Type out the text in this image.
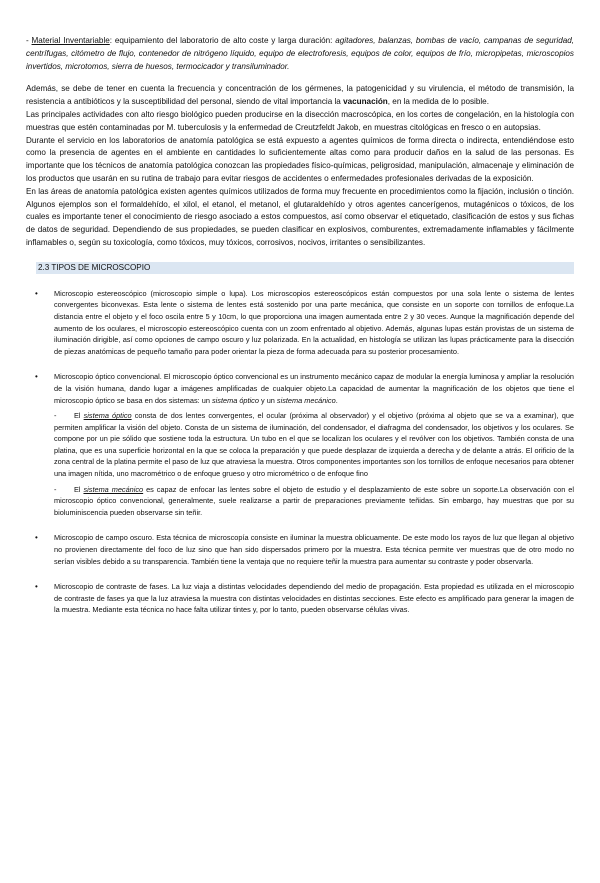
- Material Inventariable: equipamiento del laboratorio de alto coste y larga duración: agitadores, balanzas, bombas de vacío, campanas de seguridad, centrífugas, citómetro de flujo, contenedor de nitrógeno líquido, equipo de electroforesis, equipos de color, equipos de frío, micropipetas, microscopios invertidos, microtomos, sierra de huesos, termocicador y transiluminador.

Además, se debe de tener en cuenta la frecuencia y concentración de los gérmenes, la patogenicidad y su virulencia, el método de transmisión, la resistencia a antibióticos y la susceptibilidad del personal, siendo de vital importancia la vacunación, en la medida de lo posible.

Las principales actividades con alto riesgo biológico pueden producirse en la disección macroscópica, en los cortes de congelación, en la histología con muestras que estén contaminadas por M. tuberculosis y la enfermedad de Creutzfeldt Jakob, en muestras citológicas en fresco o en autopsias.

Durante el servicio en los laboratorios de anatomía patológica se está expuesto a agentes químicos de forma directa o indirecta, entendiéndose esto como la presencia de agentes en el ambiente en cantidades lo suficientemente altas como para producir daños en la salud de las personas. Es importante que los técnicos de anatomía patológica conozcan las propiedades físico-químicas, peligrosidad, manipulación, almacenaje y eliminación de los productos que usarán en su rutina de trabajo para evitar riesgos de accidentes o enfermedades profesionales derivadas de la exposición.

En las áreas de anatomía patológica existen agentes químicos utilizados de forma muy frecuente en procedimientos como la fijación, inclusión o tinción. Algunos ejemplos son el formaldehído, el xilol, el etanol, el metanol, el glutaraldehído y otros agentes cancerígenos, mutagénicos o tóxicos, de los cuales es importante tener el conocimiento de riesgo asociado a estos compuestos, así como observar el etiquetado, clasificación de estos y sus fichas de datos de seguridad. Dependiendo de sus propiedades, se pueden clasificar en explosivos, comburentes, extremadamente inflamables y fácilmente inflamables o, según su toxicología, como tóxicos, muy tóxicos, corrosivos, nocivos, irritantes o sensibilizantes.

2.3 TIPOS DE MICROSCOPIO
• Microscopio estereoscópico (microscopio simple o lupa). Los microscopios estereoscópicos están compuestos por una sola lente o sistema de lentes convergentes biconvexas. Esta lente o sistema de lentes está sostenido por una parte mecánica, que consiste en un soporte con tornillos de enfoque.La distancia entre el objeto y el foco oscila entre 5 y 10cm, lo que proporciona una imagen aumentada entre 2 y 30 veces. Aunque la magnificación depende del aumento de los oculares, el microscopio estereoscópico cuenta con un zoom enfrentado al objetivo. Además, algunas lupas están provistas de un sistema de iluminación dirigible, así como opciones de campo oscuro y luz polarizada. En la actualidad, en histología se utilizan las lupas prácticamente para la disección de piezas anatómicas de pequeño tamaño para poder orientar la pieza de forma adecuada para su posterior procesamiento.

• Microscopio óptico convencional. El microscopio óptico convencional es un instrumento mecánico capaz de modular la energía luminosa y ampliar la resolución de la visión humana, dando lugar a imágenes amplificadas de cualquier objeto.La capacidad de aumentar la magnificación de los objetos que tiene el microscopio óptico se basa en dos sistemas: un sistema óptico y un sistema mecánico.

- El sistema óptico consta de dos lentes convergentes, el ocular (próxima al observador) y el objetivo (próxima al objeto que se va a examinar), que permiten amplificar la visión del objeto. Consta de un sistema de iluminación, del condensador, el diafragma del condensador, los objetivos y los oculares. Se compone por un pie sólido que sostiene toda la estructura. Un tubo en el que se localizan los oculares y el revólver con los objetivos. También consta de una platina, que es una superficie horizontal en la que se coloca la preparación y que puede desplazar de izquierda a derecha y de delante a atrás. El orificio de la zona central de la platina permite el paso de luz que atraviesa la muestra. Otros componentes importantes son los tornillos de enfoque necesarios para obtener una imagen nítida, uno macrométrico o de enfoque grueso y otro micrométrico o de enfoque fino

- El sistema mecánico es capaz de enfocar las lentes sobre el objeto de estudio y el desplazamiento de este sobre un soporte.La observación con el microscopio óptico convencional, generalmente, suele realizarse a partir de preparaciones previamente teñidas. Sin embargo, hay muestras que por su bioluminiscencia pueden observarse sin teñir.

• Microscopio de campo oscuro. Esta técnica de microscopía consiste en iluminar la muestra oblicuamente. De este modo los rayos de luz que llegan al objetivo no provienen directamente del foco de luz sino que han sido dispersados primero por la muestra. Esta técnica permite ver muestras que de otro modo no serían visibles debido a su transparencia. También tiene la ventaja que no requiere teñir la muestra para aumentar su contraste y poder observarla.

• Microscopio de contraste de fases. La luz viaja a distintas velocidades dependiendo del medio de propagación. Esta propiedad es utilizada en el microscopio de contraste de fases ya que la luz atraviesa la muestra con distintas velocidades en distintas secciones. Este efecto es amplificado para generar la imagen de la muestra. Mediante esta técnica no hace falta utilizar tintes y, por lo tanto, pueden observarse células vivas.
